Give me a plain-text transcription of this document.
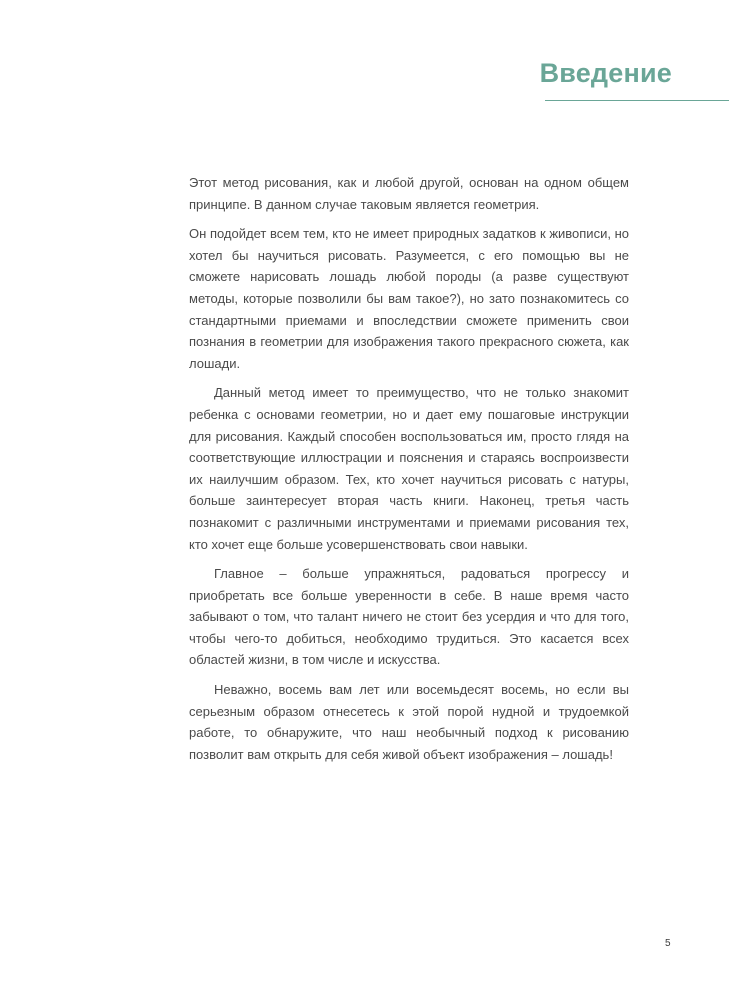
Введение

Этот метод рисования, как и любой другой, основан на одном общем принципе. В данном случае таковым является геометрия.

Он подойдет всем тем, кто не имеет природных задатков к живописи, но хотел бы научиться рисовать. Разумеется, с его помощью вы не сможете нарисовать лошадь любой породы (а разве существуют методы, которые позволили бы вам такое?), но зато познакомитесь со стандартными приемами и впоследствии сможете применить свои познания в геометрии для изображения такого прекрасного сюжета, как лошади.

Данный метод имеет то преимущество, что не только знакомит ребенка с основами геометрии, но и дает ему пошаговые инструкции для рисования. Каждый способен воспользоваться им, просто глядя на соответствующие иллюстрации и пояснения и стараясь воспроизвести их наилучшим образом. Тех, кто хочет научиться рисовать с натуры, больше заинтересует вторая часть книги. Наконец, третья часть познакомит с различными инструментами и приемами рисования тех, кто хочет еще больше усовершенствовать свои навыки.

Главное – больше упражняться, радоваться прогрессу и приобретать все больше уверенности в себе. В наше время часто забывают о том, что талант ничего не стоит без усердия и что для того, чтобы чего-то добиться, необходимо трудиться. Это касается всех областей жизни, в том числе и искусства.

Неважно, восемь вам лет или восемьдесят восемь, но если вы серьезным образом отнесетесь к этой порой нудной и трудоемкой работе, то обнаружите, что наш необычный подход к рисованию позволит вам открыть для себя живой объект изображения – лошадь!

5
